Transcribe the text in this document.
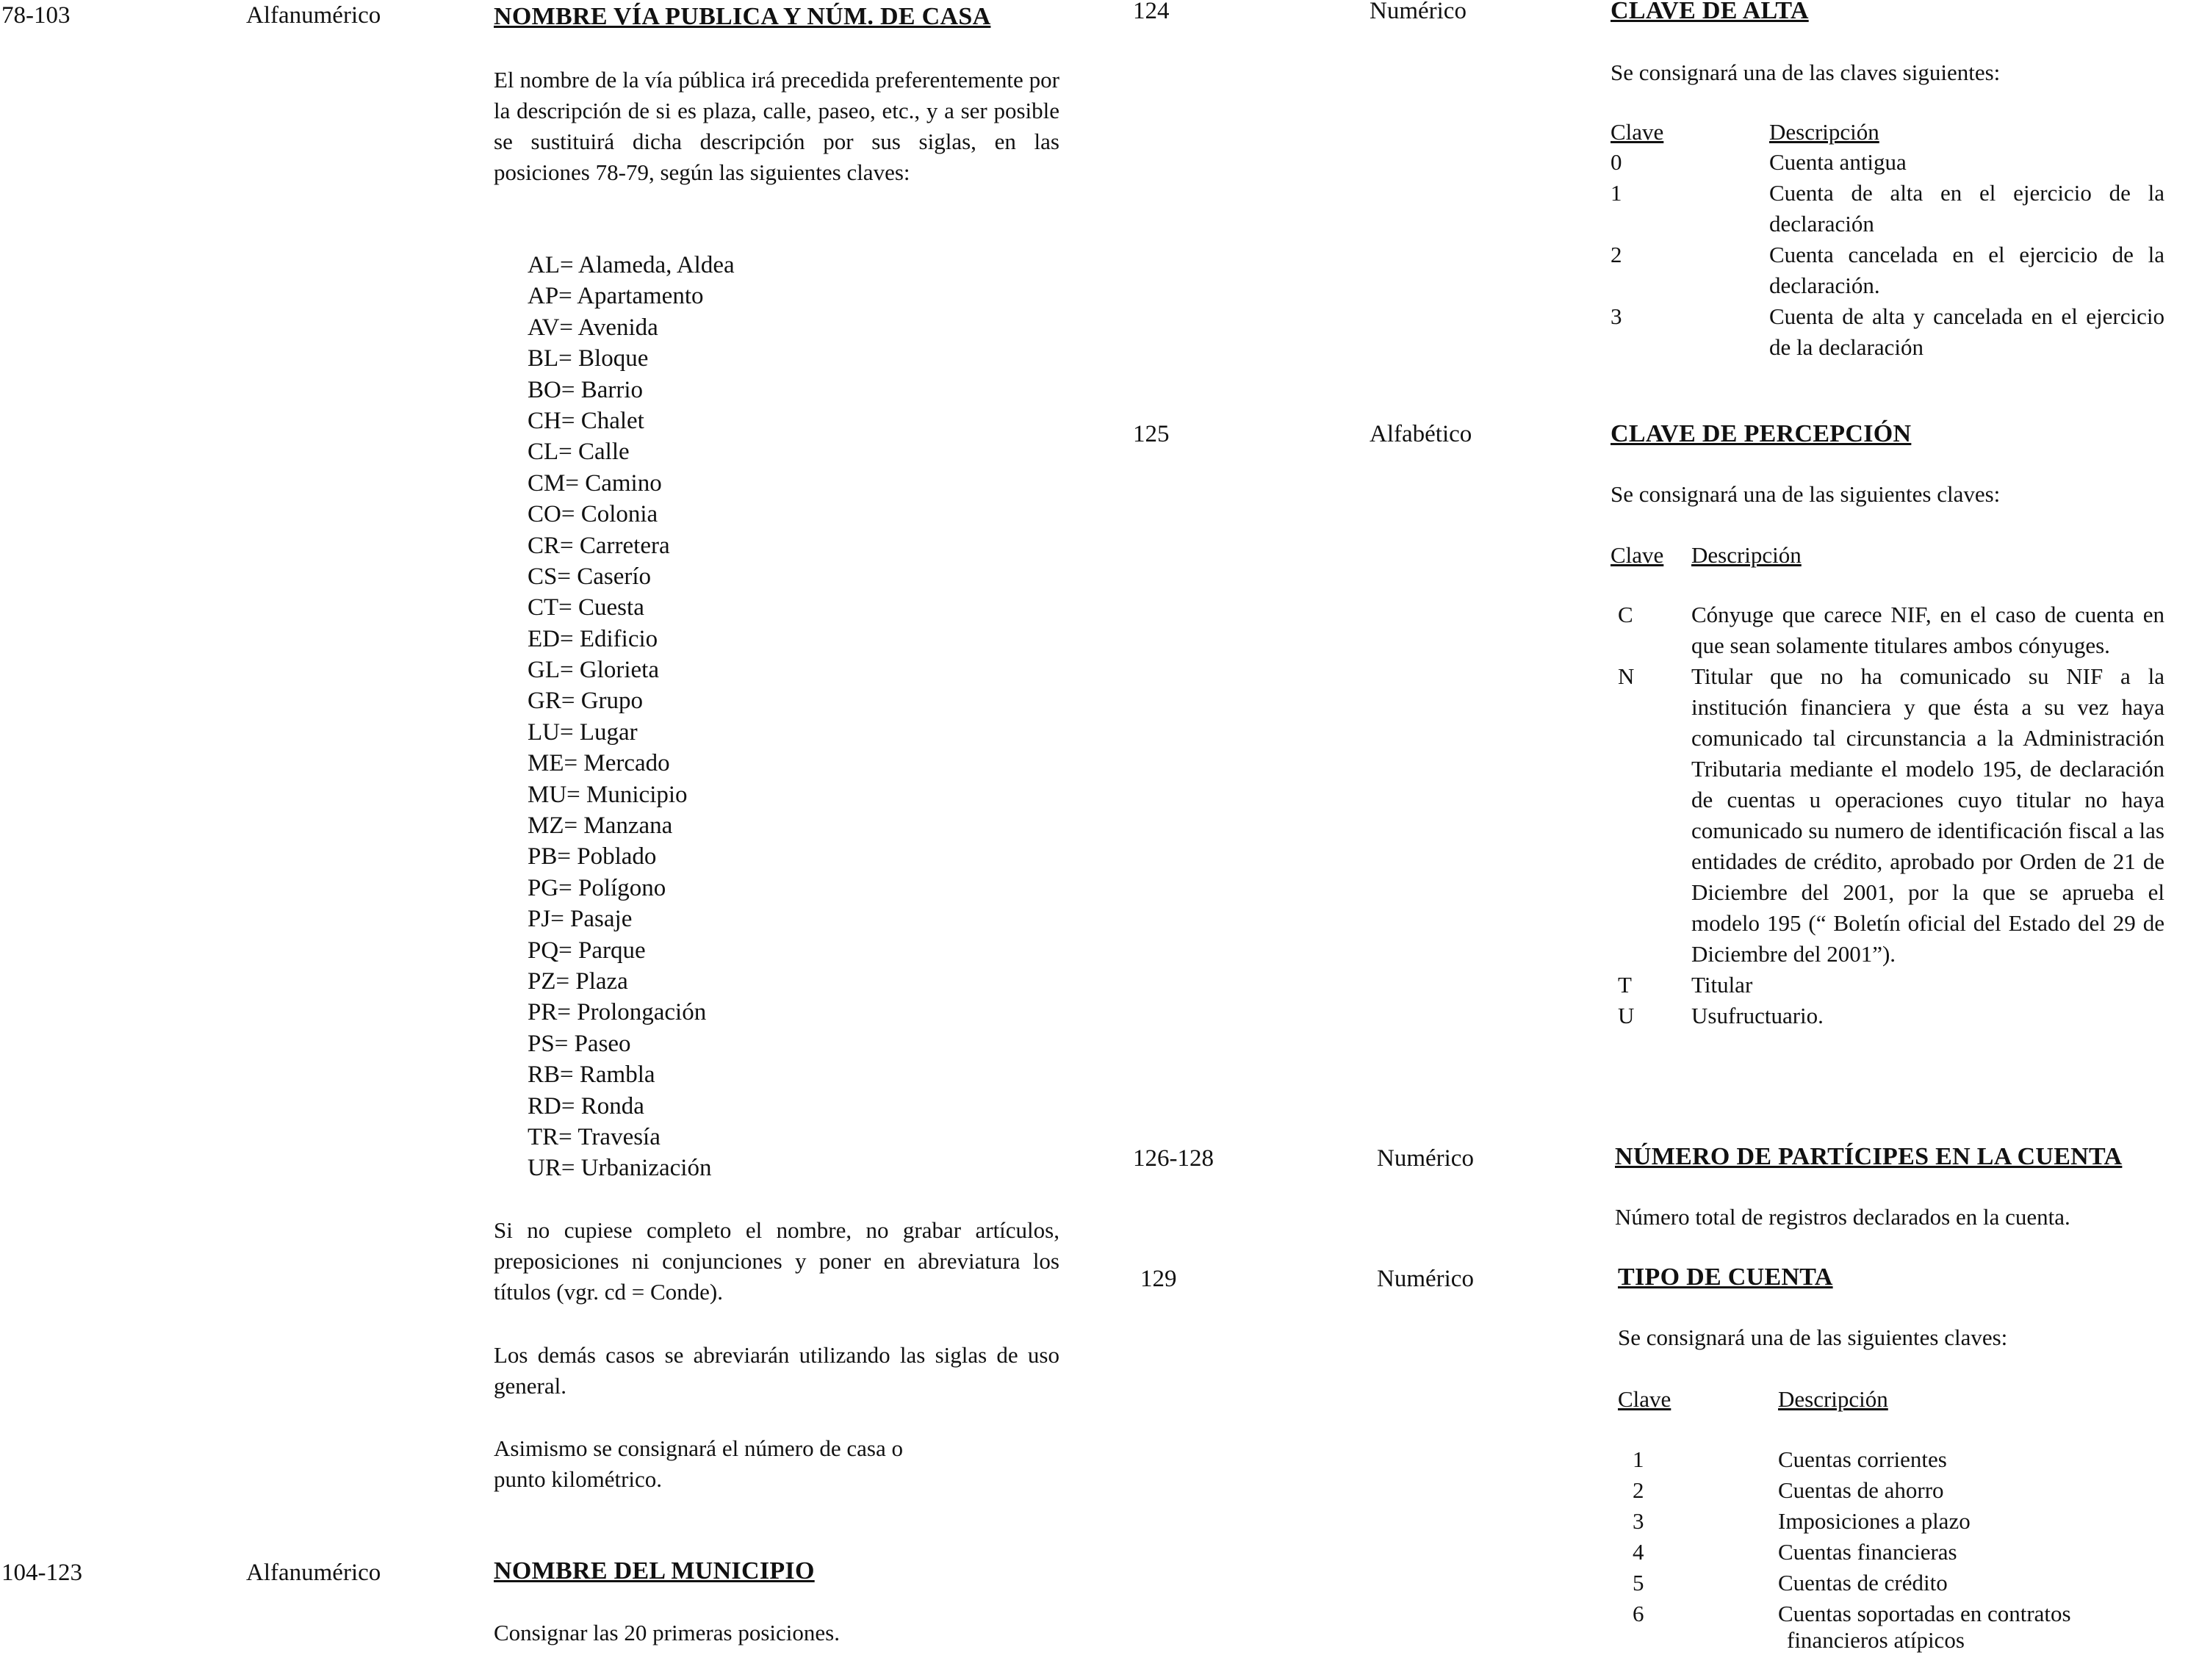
78-103	Alfanumérico	NOMBRE VÍA PUBLICA Y NÚM. DE CASA
El nombre de la vía pública irá precedida preferentemente por la descripción de si es plaza, calle, paseo, etc., y a ser posible se sustituirá dicha descripción por sus siglas, en las posiciones 78-79, según las siguientes claves:
AL= Alameda, Aldea
AP= Apartamento
AV= Avenida
BL= Bloque
BO= Barrio
CH= Chalet
CL= Calle
CM= Camino
CO= Colonia
CR= Carretera
CS= Caserío
CT= Cuesta
ED= Edificio
GL= Glorieta
GR= Grupo
LU= Lugar
ME= Mercado
MU= Municipio
MZ= Manzana
PB= Poblado
PG= Polígono
PJ= Pasaje
PQ= Parque
PZ= Plaza
PR= Prolongación
PS= Paseo
RB= Rambla
RD= Ronda
TR= Travesía
UR= Urbanización
Si no cupiese completo el nombre, no grabar artículos, preposiciones ni conjunciones y poner en abreviatura los títulos (vgr. cd = Conde).
Los demás casos se abreviarán utilizando las siglas de uso general.
Asimismo se consignará el número de casa o
punto kilométrico.
104-123	Alfanumérico	NOMBRE DEL MUNICIPIO
Consignar las 20 primeras posiciones.
124	Numérico	CLAVE DE ALTA
Se consignará una de las claves siguientes:
Clave	Descripción
0	Cuenta antigua
1	Cuenta de alta en el ejercicio de la declaración
2	Cuenta cancelada en el ejercicio de la declaración.
3	Cuenta de alta y cancelada en el ejercicio de la declaración
125	Alfabético	CLAVE DE PERCEPCIÓN
Se consignará una de las siguientes claves:
Clave Descripción
C	Cónyuge que carece NIF, en el caso de cuenta en que sean solamente titulares ambos cónyuges.
N	Titular que no ha comunicado su NIF a la institución financiera y que ésta a su vez haya comunicado tal circunstancia a la Administración Tributaria mediante el modelo 195, de declaración de cuentas u operaciones cuyo titular no haya comunicado su numero de identificación fiscal a las entidades de crédito, aprobado por Orden de 21 de Diciembre del 2001, por la que se aprueba el modelo 195 (“ Boletín oficial del Estado del 29 de Diciembre del 2001”).
T	Titular
U	Usufructuario.
126-128	Numérico	NÚMERO DE PARTÍCIPES EN LA CUENTA
Número total de registros declarados en la cuenta.
129	Numérico	TIPO DE CUENTA
Se consignará una de las siguientes claves:
Clave	Descripción
1	Cuentas corrientes
2	Cuentas de ahorro
3	Imposiciones a plazo
4	Cuentas financieras
5	Cuentas de crédito
6	Cuentas soportadas en contratos
financieros atípicos
